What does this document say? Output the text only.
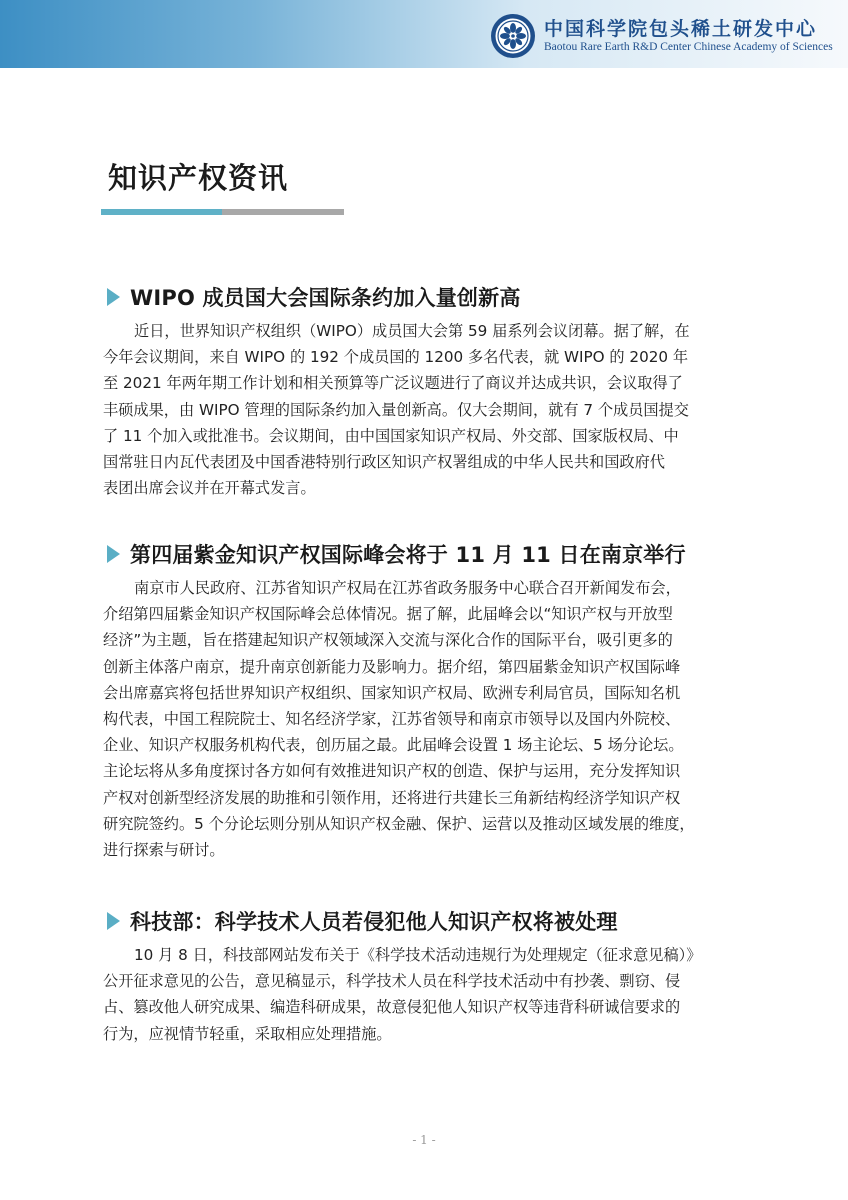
中国科学院包头稀土研发中心
Baotou Rare Earth R&D Center Chinese Academy of Sciences
知识产权资讯
WIPO 成员国大会国际条约加入量创新高
近日，世界知识产权组织（WIPO）成员国大会第 59 届系列会议闭幕。据了解，在
今年会议期间，来自 WIPO 的 192 个成员国的 1200 多名代表，就 WIPO 的 2020 年
至 2021 年两年期工作计划和相关预算等广泛议题进行了商议并达成共识，会议取得了
丰硕成果，由 WIPO 管理的国际条约加入量创新高。仅大会期间，就有 7 个成员国提交
了 11 个加入或批准书。会议期间，由中国国家知识产权局、外交部、国家版权局、中
国常驻日内瓦代表团及中国香港特别行政区知识产权署组成的中华人民共和国政府代
表团出席会议并在开幕式发言。
第四届紫金知识产权国际峰会将于 11 月 11 日在南京举行
南京市人民政府、江苏省知识产权局在江苏省政务服务中心联合召开新闻发布会，
介绍第四届紫金知识产权国际峰会总体情况。据了解，此届峰会以“知识产权与开放型
经济”为主题，旨在搭建起知识产权领域深入交流与深化合作的国际平台，吸引更多的
创新主体落户南京，提升南京创新能力及影响力。据介绍，第四届紫金知识产权国际峰
会出席嘉宾将包括世界知识产权组织、国家知识产权局、欧洲专利局官员，国际知名机
构代表，中国工程院院士、知名经济学家，江苏省领导和南京市领导以及国内外院校、
企业、知识产权服务机构代表，创历届之最。此届峰会设置 1 场主论坛、5 场分论坛。
主论坛将从多角度探讨各方如何有效推进知识产权的创造、保护与运用，充分发挥知识
产权对创新型经济发展的助推和引领作用，还将进行共建长三角新结构经济学知识产权
研究院签约。5 个分论坛则分别从知识产权金融、保护、运营以及推动区域发展的维度，
进行探索与研讨。
科技部：科学技术人员若侵犯他人知识产权将被处理
10 月 8 日，科技部网站发布关于《科学技术活动违规行为处理规定（征求意见稿）》
公开征求意见的公告，意见稿显示，科学技术人员在科学技术活动中有抄袭、剽窃、侵
占、篡改他人研究成果、编造科研成果，故意侵犯他人知识产权等违背科研诚信要求的
行为，应视情节轻重，采取相应处理措施。
- 1 -
